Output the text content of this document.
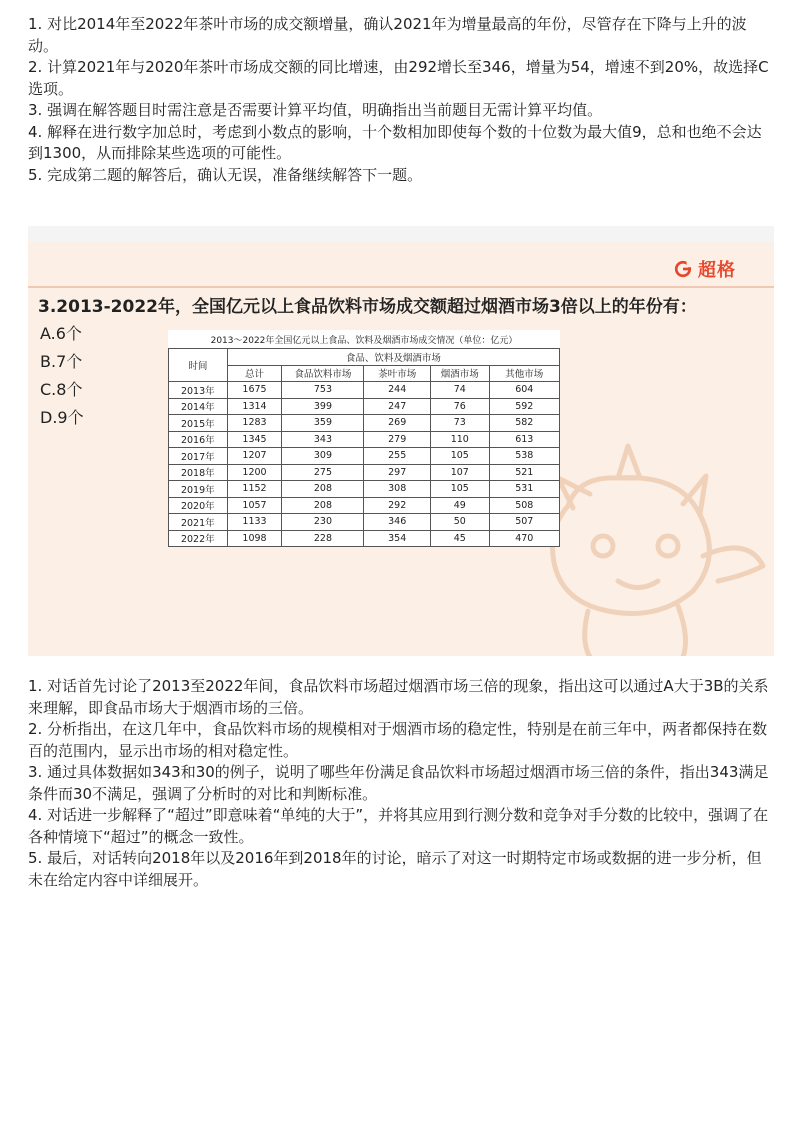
1. 对比2014年至2022年茶叶市场的成交额增量，确认2021年为增量最高的年份，尽管存在下降与上升的波动。

2. 计算2021年与2020年茶叶市场成交额的同比增速，由292增长至346，增量为54，增速不到20%，故选择C选项。

3. 强调在解答题目时需注意是否需要计算平均值，明确指出当前题目无需计算平均值。

4. 解释在进行数字加总时，考虑到小数点的影响，十个数相加即使每个数的十位数为最大值9，总和也绝不会达到1300，从而排除某些选项的可能性。

5. 完成第二题的解答后，确认无误，准备继续解答下一题。

超格
3.2013-2022年，全国亿元以上食品饮料市场成交额超过烟酒市场3倍以上的年份有：
A.6个
B.7个
C.8个
D.9个
2013～2022年全国亿元以上食品、饮料及烟酒市场成交情况（单位：亿元）
时间	食品、饮料及烟酒市场				
	总计	食品饮料市场	茶叶市场	烟酒市场	其他市场
2013年	1675	753	244	74	604
2014年	1314	399	247	76	592
2015年	1283	359	269	73	582
2016年	1345	343	279	110	613
2017年	1207	309	255	105	538
2018年	1200	275	297	107	521
2019年	1152	208	308	105	531
2020年	1057	208	292	49	508
2021年	1133	230	346	50	507
2022年	1098	228	354	45	470

1. 对话首先讨论了2013至2022年间，食品饮料市场超过烟酒市场三倍的现象，指出这可以通过A大于3B的关系来理解，即食品市场大于烟酒市场的三倍。

2. 分析指出，在这几年中，食品饮料市场的规模相对于烟酒市场的稳定性，特别是在前三年中，两者都保持在数百的范围内，显示出市场的相对稳定性。

3. 通过具体数据如343和30的例子，说明了哪些年份满足食品饮料市场超过烟酒市场三倍的条件，指出343满足条件而30不满足，强调了分析时的对比和判断标准。

4. 对话进一步解释了“超过”即意味着“单纯的大于”，并将其应用到行测分数和竞争对手分数的比较中，强调了在各种情境下“超过”的概念一致性。

5. 最后，对话转向2018年以及2016年到2018年的讨论，暗示了对这一时期特定市场或数据的进一步分析，但未在给定内容中详细展开。
